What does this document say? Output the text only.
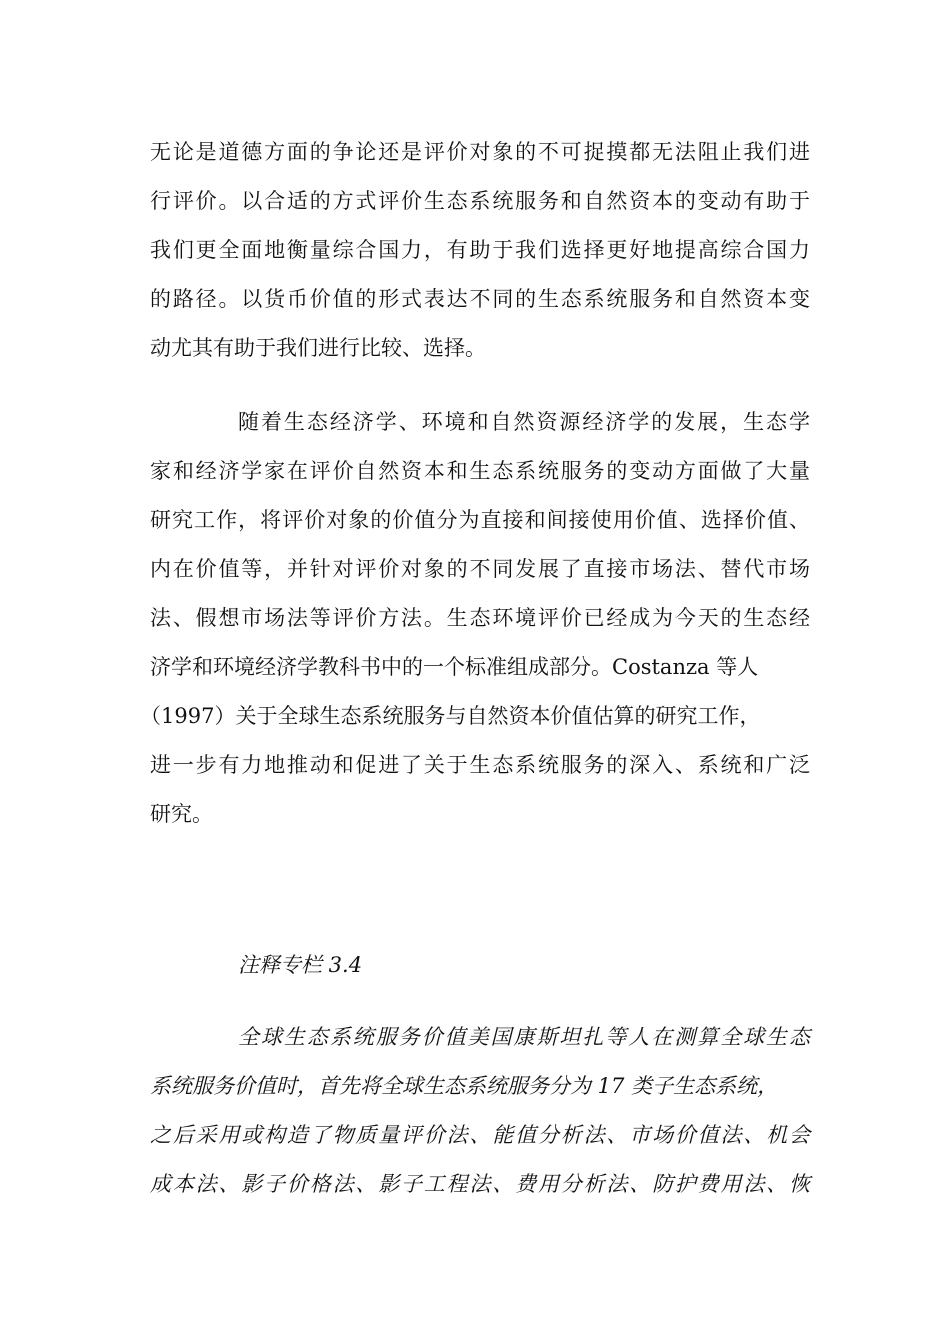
无论是道德方面的争论还是评价对象的不可捉摸都无法阻止我们进
行评价。以合适的方式评价生态系统服务和自然资本的变动有助于
我们更全面地衡量综合国力，有助于我们选择更好地提高综合国力
的路径。以货币价值的形式表达不同的生态系统服务和自然资本变
动尤其有助于我们进行比较、选择。
随着生态经济学、环境和自然资源经济学的发展，生态学
家和经济学家在评价自然资本和生态系统服务的变动方面做了大量
研究工作，将评价对象的价值分为直接和间接使用价值、选择价值、
内在价值等，并针对评价对象的不同发展了直接市场法、替代市场
法、假想市场法等评价方法。生态环境评价已经成为今天的生态经
济学和环境经济学教科书中的一个标准组成部分。Costanza 等人
（1997）关于全球生态系统服务与自然资本价值估算的研究工作，
进一步有力地推动和促进了关于生态系统服务的深入、系统和广泛
研究。
注释专栏 3.4
全球生态系统服务价值美国康斯坦扎等人在测算全球生态
系统服务价值时，首先将全球生态系统服务分为 17 类子生态系统，
之后采用或构造了物质量评价法、能值分析法、市场价值法、机会
成本法、影子价格法、影子工程法、费用分析法、防护费用法、恢
